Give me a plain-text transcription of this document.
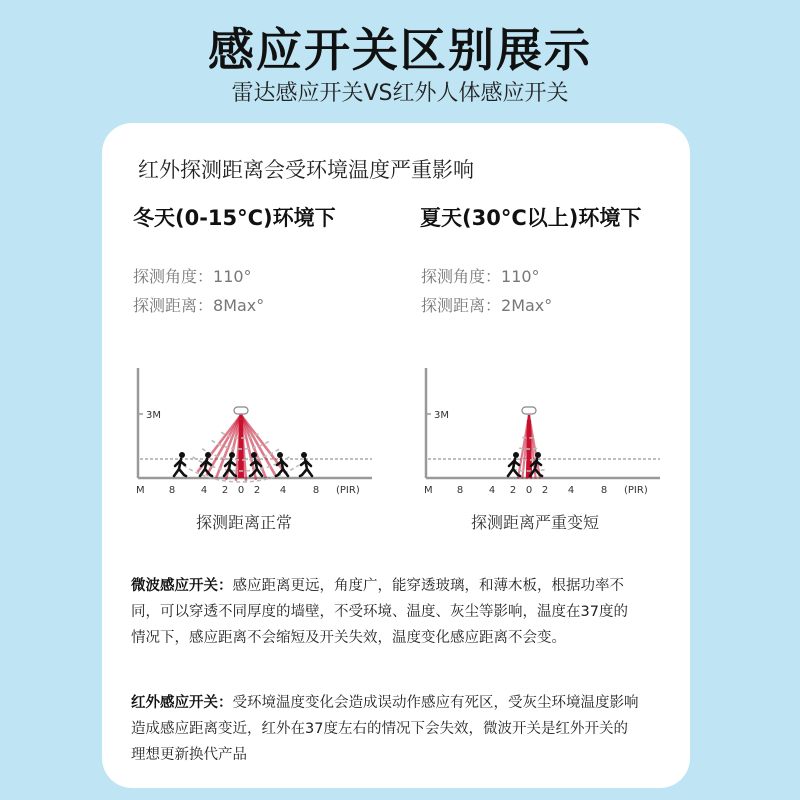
感应开关区别展示
雷达感应开关VS红外人体感应开关
红外探测距离会受环境温度严重影响
冬天(0-15°C)环境下
探测角度：110°
探测距离：8Max°
3M
8	4 2 0 2 4	8
M	(PIR)
探测距离正常
夏天(30°C以上)环境下
探测角度：110°
探测距离：2Max°
3M
8	4 2 0 2 4	8
M	(PIR)
探测距离严重变短
微波感应开关：感应距离更远，角度广，能穿透玻璃，和薄木板，根据功率不同，可以穿透不同厚度的墙壁，不受环境、温度、灰尘等影响，温度在37度的情况下，感应距离不会缩短及开关失效，温度变化感应距离不会变。
红外感应开关：受环境温度变化会造成误动作感应有死区，受灰尘环境温度影响造成感应距离变近，红外在37度左右的情况下会失效，微波开关是红外开关的理想更新换代产品
